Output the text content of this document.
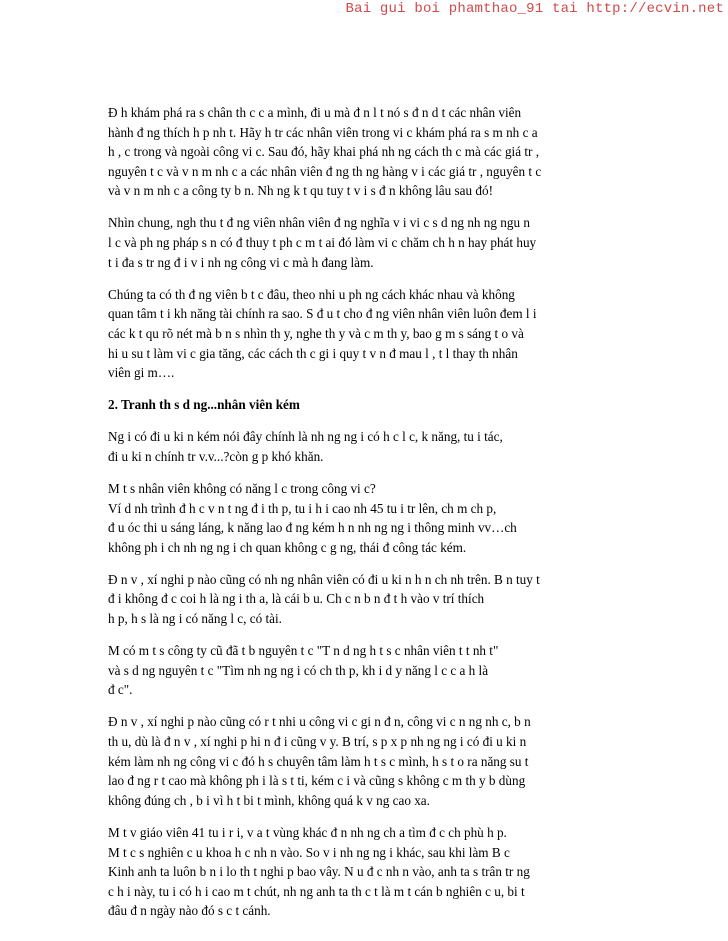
Bai gui boi phamthao_91 tai http://ecvin.net

Đ h khám phá ra s chân th c c a mình, đi u mà đ n l t nó s đ n d t các nhân viên
hành đ ng thích h p nh t. Hãy h tr các nhân viên trong vi c khám phá ra s m nh c a
h , c trong và ngoài công vi c. Sau đó, hãy khai phá nh ng cách th c mà các giá tr ,
nguyên t c và v n m nh c a các nhân viên đ ng th ng hàng v i các giá tr , nguyên t c
và v n m nh c a công ty b n. Nh ng k t qu tuy t v i s đ n không lâu sau đó!

Nhìn chung, ngh thu t đ ng viên nhân viên đ ng nghĩa v i vi c s d ng nh ng ngu n
l c và ph ng pháp s n có đ thuy t ph c m t ai đó làm vi c chăm ch h n hay phát huy
t i đa s tr ng đ i v i nh ng công vi c mà h đang làm.

Chúng ta có th đ ng viên b t c đâu, theo nhi u ph ng cách khác nhau và không
quan tâm t i kh năng tài chính ra sao. S đ u t cho đ ng viên nhân viên luôn đem l i
các k t qu rõ nét mà b n s nhìn th y, nghe th y và c m th y, bao g m s sáng t o và
hi u su t làm vi c gia tăng, các cách th c gi i quy t v n đ mau l , t l thay th nhân
viên gi m….

2. Tranh th s d ng...nhân viên kém

Ng i có đi u ki n kém nói đây chính là nh ng ng i có h c l c, k năng, tu i tác,
đi u ki n chính tr v.v...?còn g p khó khăn.

M t s nhân viên không có năng l c trong công vi c?
Ví d nh trình đ h c v n t ng đ i th p, tu i h i cao nh 45 tu i tr lên, ch m ch p,
đ u óc thi u sáng láng, k năng lao đ ng kém h n nh ng ng i thông minh vv…ch
không ph i ch nh ng ng i ch quan không c g ng, thái đ công tác kém.

Đ n v , xí nghi p nào cũng có nh ng nhân viên có đi u ki n h n ch nh trên. B n tuy t
đ i không đ c coi h là ng i th a, là cái b u. Ch c n b n đ t h vào v trí thích
h p, h s là ng i có năng l c, có tài.

M có m t s công ty cũ đã t b nguyên t c "T n d ng h t s c nhân viên t t nh t"
và s d ng nguyên t c "Tìm nh ng ng i có ch th p, kh i d y năng l c c a h là
đ c".

Đ n v , xí nghi p nào cũng có r t nhi u công vi c gi n đ n, công vi c n ng nh c, b n
th u, dù là đ n v , xí nghi p hi n đ i cũng v y. B trí, s p x p nh ng ng i có đi u ki n
kém làm nh ng công vi c đó h s chuyên tâm làm h t s c mình, h s t o ra năng su t
lao đ ng r t cao mà không ph i là s t ti, kém c i và cũng s không c m th y b dùng
không đúng ch , b i vì h t bi t mình, không quá k v ng cao xa.

M t v giáo viên 41 tu i r i, v a t vùng khác đ n nh ng ch a tìm đ c ch phù h p.
M t c s nghiên c u khoa h c nh n vào. So v i nh ng ng i khác, sau khi làm B c
Kinh anh ta luôn b n i lo th t nghi p bao vây. N u đ c nh n vào, anh ta s trân tr ng
c h i này, tu i có h i cao m t chút, nh ng anh ta th c t là m t cán b nghiên c u, bi t
đâu đ n ngày nào đó s c t cánh.
